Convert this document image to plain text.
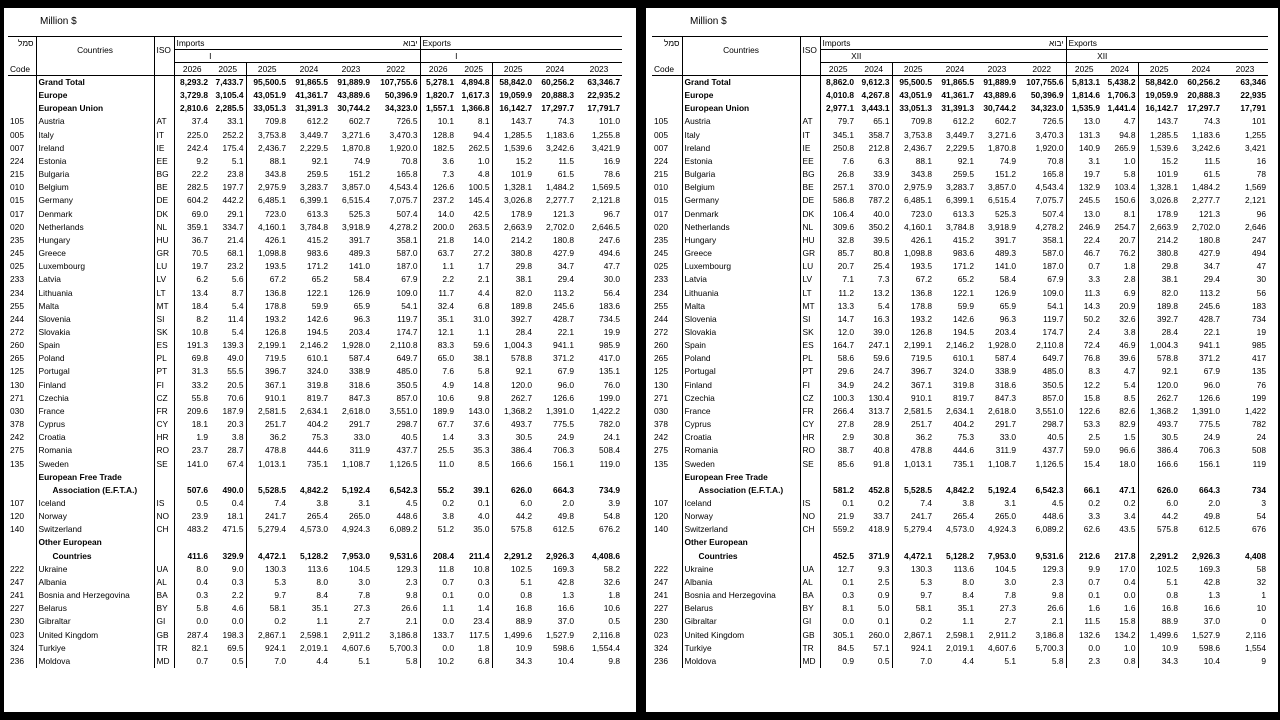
Million $
סמל	Countries	ISO	Imports			יבוא			Exports				
			I						I				
Code			2026	2025	2025	2024	2023	2022	2026	2025	2025	2024	2023
	Grand Total		8,293.2	7,433.7	95,500.5	91,865.5	91,889.9	107,755.6	5,278.1	4,894.8	58,842.0	60,256.2	63,346.7
	Europe		3,729.8	3,105.4	43,051.9	41,361.7	43,889.6	50,396.9	1,820.7	1,617.3	19,059.9	20,888.3	22,935.2
	European Union		2,810.6	2,285.5	33,051.3	31,391.3	30,744.2	34,323.0	1,557.1	1,366.8	16,142.7	17,297.7	17,791.7
105	Austria	AT	37.4	33.1	709.8	612.2	602.7	726.5	10.1	8.1	143.7	74.3	101.0
005	Italy	IT	225.0	252.2	3,753.8	3,449.7	3,271.6	3,470.3	128.8	94.4	1,285.5	1,183.6	1,255.8
007	Ireland	IE	242.4	175.4	2,436.7	2,229.5	1,870.8	1,920.0	182.5	262.5	1,539.6	3,242.6	3,421.9
224	Estonia	EE	9.2	5.1	88.1	92.1	74.9	70.8	3.6	1.0	15.2	11.5	16.9
215	Bulgaria	BG	22.2	23.8	343.8	259.5	151.2	165.8	7.3	4.8	101.9	61.5	78.6
010	Belgium	BE	282.5	197.7	2,975.9	3,283.7	3,857.0	4,543.4	126.6	100.5	1,328.1	1,484.2	1,569.5
015	Germany	DE	604.2	442.2	6,485.1	6,399.1	6,515.4	7,075.7	237.2	145.4	3,026.8	2,277.7	2,121.8
017	Denmark	DK	69.0	29.1	723.0	613.3	525.3	507.4	14.0	42.5	178.9	121.3	96.7
020	Netherlands	NL	359.1	334.7	4,160.1	3,784.8	3,918.9	4,278.2	200.0	263.5	2,663.9	2,702.0	2,646.5
235	Hungary	HU	36.7	21.4	426.1	415.2	391.7	358.1	21.8	14.0	214.2	180.8	247.6
245	Greece	GR	70.5	68.1	1,098.8	983.6	489.3	587.0	63.7	27.2	380.8	427.9	494.6
025	Luxembourg	LU	19.7	23.2	193.5	171.2	141.0	187.0	1.1	1.7	29.8	34.7	47.7
233	Latvia	LV	6.2	5.6	67.2	65.2	58.4	67.9	2.2	2.1	38.1	29.4	30.0
234	Lithuania	LT	13.4	8.7	136.8	122.1	126.9	109.0	11.7	4.4	82.0	113.2	56.4
255	Malta	MT	18.4	5.4	178.8	59.9	65.9	54.1	32.4	6.8	189.8	245.6	183.6
244	Slovenia	SI	8.2	11.4	193.2	142.6	96.3	119.7	35.1	31.0	392.7	428.7	734.5
272	Slovakia	SK	10.8	5.4	126.8	194.5	203.4	174.7	12.1	1.1	28.4	22.1	19.9
260	Spain	ES	191.3	139.3	2,199.1	2,146.2	1,928.0	2,110.8	83.3	59.6	1,004.3	941.1	985.9
265	Poland	PL	69.8	49.0	719.5	610.1	587.4	649.7	65.0	38.1	578.8	371.2	417.0
125	Portugal	PT	31.3	55.5	396.7	324.0	338.9	485.0	7.6	5.8	92.1	67.9	135.1
130	Finland	FI	33.2	20.5	367.1	319.8	318.6	350.5	4.9	14.8	120.0	96.0	76.0
271	Czechia	CZ	55.8	70.6	910.1	819.7	847.3	857.0	10.6	9.8	262.7	126.6	199.0
030	France	FR	209.6	187.9	2,581.5	2,634.1	2,618.0	3,551.0	189.9	143.0	1,368.2	1,391.0	1,422.2
378	Cyprus	CY	18.1	20.3	251.7	404.2	291.7	298.7	67.7	37.6	493.7	775.5	782.0
242	Croatia	HR	1.9	3.8	36.2	75.3	33.0	40.5	1.4	3.3	30.5	24.9	24.1
275	Romania	RO	23.7	28.7	478.8	444.6	311.9	437.7	25.5	35.3	386.4	706.3	508.4
135	Sweden	SE	141.0	67.4	1,013.1	735.1	1,108.7	1,126.5	11.0	8.5	166.6	156.1	119.0
	European Free Trade												
	Association (E.F.T.A.)		507.6	490.0	5,528.5	4,842.2	5,192.4	6,542.3	55.2	39.1	626.0	664.3	734.9
107	Iceland	IS	0.5	0.4	7.4	3.8	3.1	4.5	0.2	0.1	6.0	2.0	3.9
120	Norway	NO	23.9	18.1	241.7	265.4	265.0	448.6	3.8	4.0	44.2	49.8	54.8
140	Switzerland	CH	483.2	471.5	5,279.4	4,573.0	4,924.3	6,089.2	51.2	35.0	575.8	612.5	676.2
	Other European												
	Countries		411.6	329.9	4,472.1	5,128.2	7,953.0	9,531.6	208.4	211.4	2,291.2	2,926.3	4,408.6
222	Ukraine	UA	8.0	9.0	130.3	113.6	104.5	129.3	11.8	10.8	102.5	169.3	58.2
247	Albania	AL	0.4	0.3	5.3	8.0	3.0	2.3	0.7	0.3	5.1	42.8	32.6
241	Bosnia and Herzegovina	BA	0.3	2.2	9.7	8.4	7.8	9.8	0.1	0.0	0.8	1.3	1.8
227	Belarus	BY	5.8	4.6	58.1	35.1	27.3	26.6	1.1	1.4	16.8	16.6	10.6
230	Gibraltar	GI	0.0	0.0	0.2	1.1	2.7	2.1	0.0	23.4	88.9	37.0	0.5
023	United Kingdom	GB	287.4	198.3	2,867.1	2,598.1	2,911.2	3,186.8	133.7	117.5	1,499.6	1,527.9	2,116.8
324	Turkiye	TR	82.1	69.5	924.1	2,019.1	4,607.6	5,700.3	0.0	1.8	10.9	598.6	1,554.4
236	Moldova	MD	0.7	0.5	7.0	4.4	5.1	5.8	10.2	6.8	34.3	10.4	9.8
Million $
סמל	Countries	ISO	Imports			יבוא			Exports				
			XII						XII				
Code			2025	2024	2025	2024	2023	2022	2025	2024	2025	2024	2023
	Grand Total		8,862.0	9,612.3	95,500.5	91,865.5	91,889.9	107,755.6	5,813.1	5,438.2	58,842.0	60,256.2	63,346
	Europe		4,010.8	4,267.8	43,051.9	41,361.7	43,889.6	50,396.9	1,814.6	1,706.3	19,059.9	20,888.3	22,935
	European Union		2,977.1	3,443.1	33,051.3	31,391.3	30,744.2	34,323.0	1,535.9	1,441.4	16,142.7	17,297.7	17,791
105	Austria	AT	79.7	65.1	709.8	612.2	602.7	726.5	13.0	4.7	143.7	74.3	101
005	Italy	IT	345.1	358.7	3,753.8	3,449.7	3,271.6	3,470.3	131.3	94.8	1,285.5	1,183.6	1,255
007	Ireland	IE	250.8	212.8	2,436.7	2,229.5	1,870.8	1,920.0	140.9	265.9	1,539.6	3,242.6	3,421
224	Estonia	EE	7.6	6.3	88.1	92.1	74.9	70.8	3.1	1.0	15.2	11.5	16
215	Bulgaria	BG	26.8	33.9	343.8	259.5	151.2	165.8	19.7	5.8	101.9	61.5	78
010	Belgium	BE	257.1	370.0	2,975.9	3,283.7	3,857.0	4,543.4	132.9	103.4	1,328.1	1,484.2	1,569
015	Germany	DE	586.8	787.2	6,485.1	6,399.1	6,515.4	7,075.7	245.5	150.6	3,026.8	2,277.7	2,121
017	Denmark	DK	106.4	40.0	723.0	613.3	525.3	507.4	13.0	8.1	178.9	121.3	96
020	Netherlands	NL	309.6	350.2	4,160.1	3,784.8	3,918.9	4,278.2	246.9	254.7	2,663.9	2,702.0	2,646
235	Hungary	HU	32.8	39.5	426.1	415.2	391.7	358.1	22.4	20.7	214.2	180.8	247
245	Greece	GR	85.7	80.8	1,098.8	983.6	489.3	587.0	46.7	76.2	380.8	427.9	494
025	Luxembourg	LU	20.7	25.4	193.5	171.2	141.0	187.0	0.7	1.8	29.8	34.7	47
233	Latvia	LV	7.1	7.3	67.2	65.2	58.4	67.9	3.3	2.8	38.1	29.4	30
234	Lithuania	LT	11.2	13.2	136.8	122.1	126.9	109.0	11.3	6.9	82.0	113.2	56
255	Malta	MT	13.3	5.4	178.8	59.9	65.9	54.1	14.3	20.9	189.8	245.6	183
244	Slovenia	SI	14.7	16.3	193.2	142.6	96.3	119.7	50.2	32.6	392.7	428.7	734
272	Slovakia	SK	12.0	39.0	126.8	194.5	203.4	174.7	2.4	3.8	28.4	22.1	19
260	Spain	ES	164.7	247.1	2,199.1	2,146.2	1,928.0	2,110.8	72.4	46.9	1,004.3	941.1	985
265	Poland	PL	58.6	59.6	719.5	610.1	587.4	649.7	76.8	39.6	578.8	371.2	417
125	Portugal	PT	29.6	24.7	396.7	324.0	338.9	485.0	8.3	4.7	92.1	67.9	135
130	Finland	FI	34.9	24.2	367.1	319.8	318.6	350.5	12.2	5.4	120.0	96.0	76
271	Czechia	CZ	100.3	130.4	910.1	819.7	847.3	857.0	15.8	8.5	262.7	126.6	199
030	France	FR	266.4	313.7	2,581.5	2,634.1	2,618.0	3,551.0	122.6	82.6	1,368.2	1,391.0	1,422
378	Cyprus	CY	27.8	28.9	251.7	404.2	291.7	298.7	53.3	82.9	493.7	775.5	782
242	Croatia	HR	2.9	30.8	36.2	75.3	33.0	40.5	2.5	1.5	30.5	24.9	24
275	Romania	RO	38.7	40.8	478.8	444.6	311.9	437.7	59.0	96.6	386.4	706.3	508
135	Sweden	SE	85.6	91.8	1,013.1	735.1	1,108.7	1,126.5	15.4	18.0	166.6	156.1	119
	European Free Trade												
	Association (E.F.T.A.)		581.2	452.8	5,528.5	4,842.2	5,192.4	6,542.3	66.1	47.1	626.0	664.3	734
107	Iceland	IS	0.1	0.2	7.4	3.8	3.1	4.5	0.2	0.2	6.0	2.0	3
120	Norway	NO	21.9	33.7	241.7	265.4	265.0	448.6	3.3	3.4	44.2	49.8	54
140	Switzerland	CH	559.2	418.9	5,279.4	4,573.0	4,924.3	6,089.2	62.6	43.5	575.8	612.5	676
	Other European												
	Countries		452.5	371.9	4,472.1	5,128.2	7,953.0	9,531.6	212.6	217.8	2,291.2	2,926.3	4,408
222	Ukraine	UA	12.7	9.3	130.3	113.6	104.5	129.3	9.9	17.0	102.5	169.3	58
247	Albania	AL	0.1	2.5	5.3	8.0	3.0	2.3	0.7	0.4	5.1	42.8	32
241	Bosnia and Herzegovina	BA	0.3	0.9	9.7	8.4	7.8	9.8	0.1	0.0	0.8	1.3	1
227	Belarus	BY	8.1	5.0	58.1	35.1	27.3	26.6	1.6	1.6	16.8	16.6	10
230	Gibraltar	GI	0.0	0.1	0.2	1.1	2.7	2.1	11.5	15.8	88.9	37.0	0
023	United Kingdom	GB	305.1	260.0	2,867.1	2,598.1	2,911.2	3,186.8	132.6	134.2	1,499.6	1,527.9	2,116
324	Turkiye	TR	84.5	57.1	924.1	2,019.1	4,607.6	5,700.3	0.0	1.0	10.9	598.6	1,554
236	Moldova	MD	0.9	0.5	7.0	4.4	5.1	5.8	2.3	0.8	34.3	10.4	9
